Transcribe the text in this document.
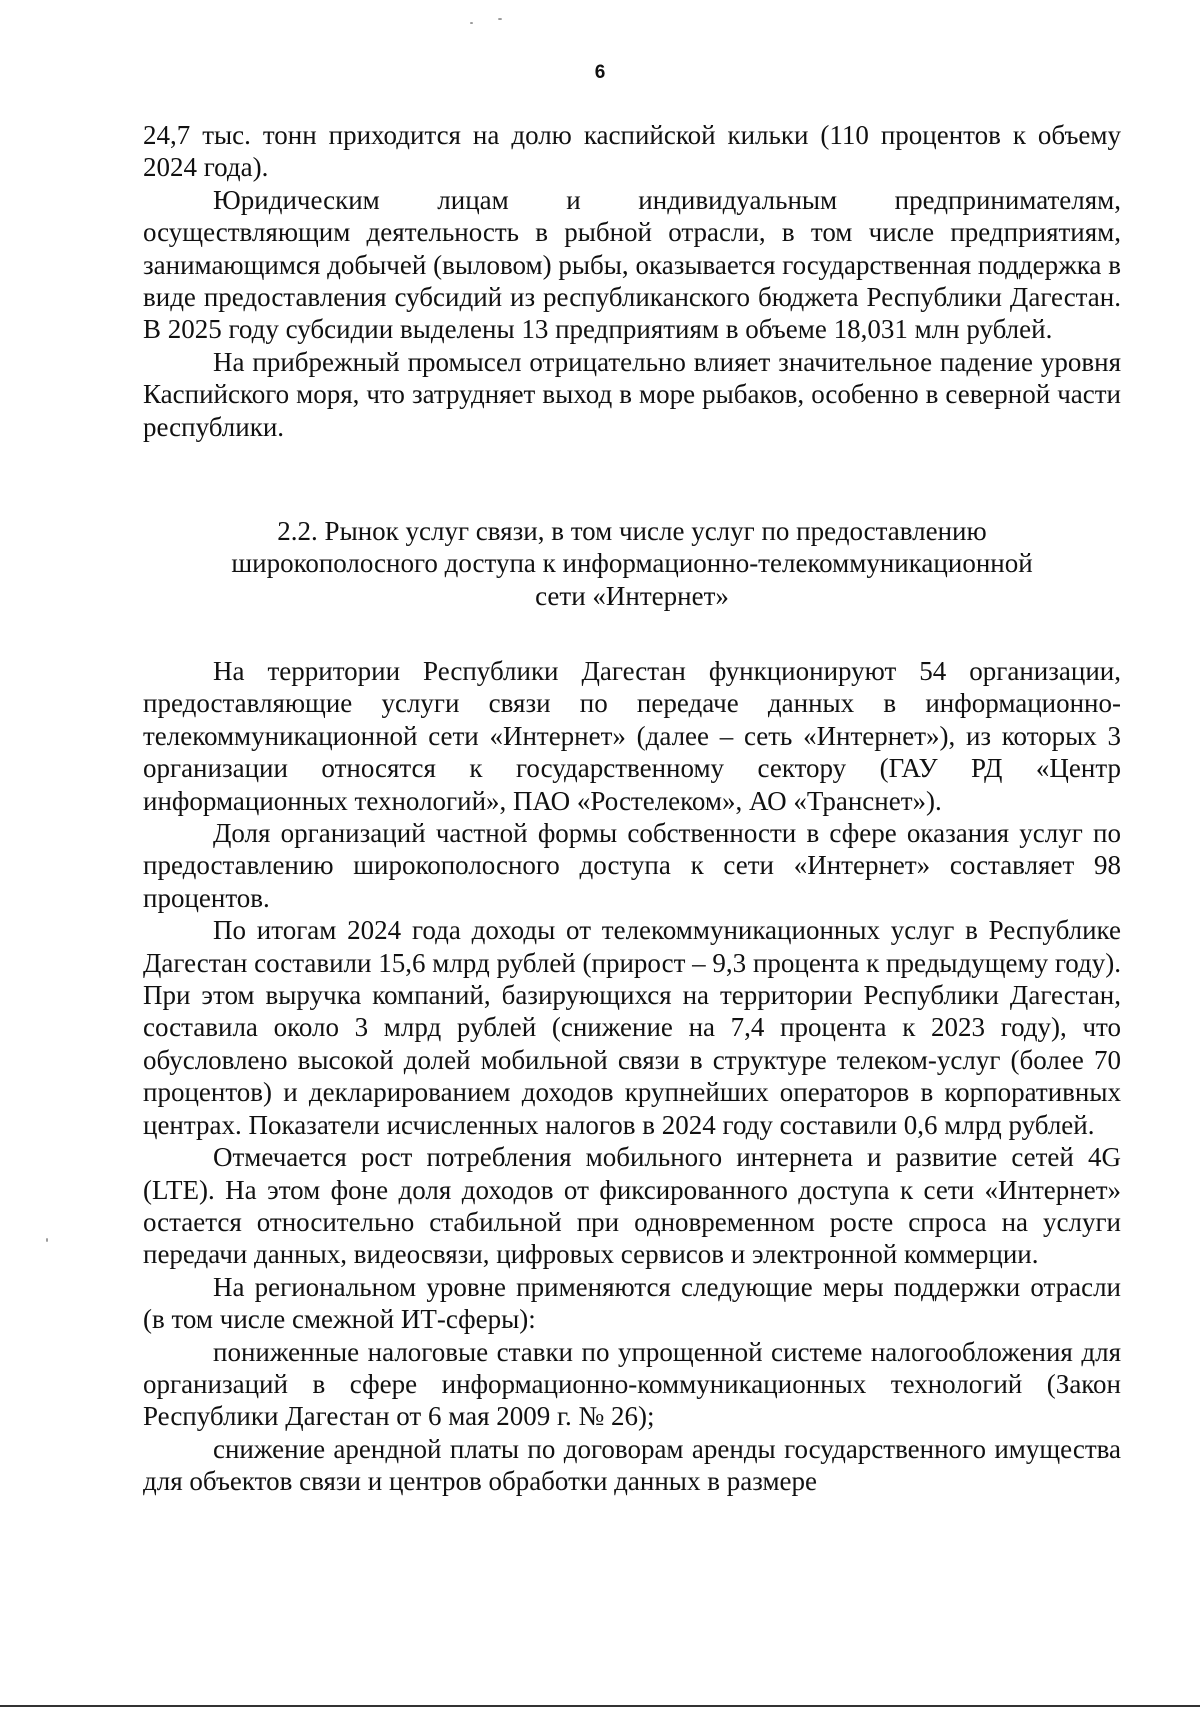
6

24,7 тыс. тонн приходится на долю каспийской кильки (110 процентов к объему 2024 года).

Юридическим лицам и индивидуальным предпринимателям, осуществляющим деятельность в рыбной отрасли, в том числе предприятиям, занимающимся добычей (выловом) рыбы, оказывается государственная поддержка в виде предоставления субсидий из республиканского бюджета Республики Дагестан. В 2025 году субсидии выделены 13 предприятиям в объеме 18,031 млн рублей.

На прибрежный промысел отрицательно влияет значительное падение уровня Каспийского моря, что затрудняет выход в море рыбаков, особенно в северной части республики.

2.2. Рынок услуг связи, в том числе услуг по предоставлению
широкополосного доступа к информационно-телекоммуникационной
сети «Интернет»

На территории Республики Дагестан функционируют 54 организации, предоставляющие услуги связи по передаче данных в информационно-телекоммуникационной сети «Интернет» (далее – сеть «Интернет»), из которых 3 организации относятся к государственному сектору (ГАУ РД «Центр информационных технологий», ПАО «Ростелеком», АО «Транснет»).

Доля организаций частной формы собственности в сфере оказания услуг по предоставлению широкополосного доступа к сети «Интернет» составляет 98 процентов.

По итогам 2024 года доходы от телекоммуникационных услуг в Республике Дагестан составили 15,6 млрд рублей (прирост – 9,3 процента к предыдущему году). При этом выручка компаний, базирующихся на территории Республики Дагестан, составила около 3 млрд рублей (снижение на 7,4 процента к 2023 году), что обусловлено высокой долей мобильной связи в структуре телеком-услуг (более 70 процентов) и декларированием доходов крупнейших операторов в корпоративных центрах. Показатели исчисленных налогов в 2024 году составили 0,6 млрд рублей.

Отмечается рост потребления мобильного интернета и развитие сетей 4G (LTE). На этом фоне доля доходов от фиксированного доступа к сети «Интернет» остается относительно стабильной при одновременном росте спроса на услуги передачи данных, видеосвязи, цифровых сервисов и электронной коммерции.

На региональном уровне применяются следующие меры поддержки отрасли (в том числе смежной ИТ-сферы):

пониженные налоговые ставки по упрощенной системе налогообложения для организаций в сфере информационно-коммуникационных технологий (Закон Республики Дагестан от 6 мая 2009 г. № 26);

снижение арендной платы по договорам аренды государственного имущества для объектов связи и центров обработки данных в размере
